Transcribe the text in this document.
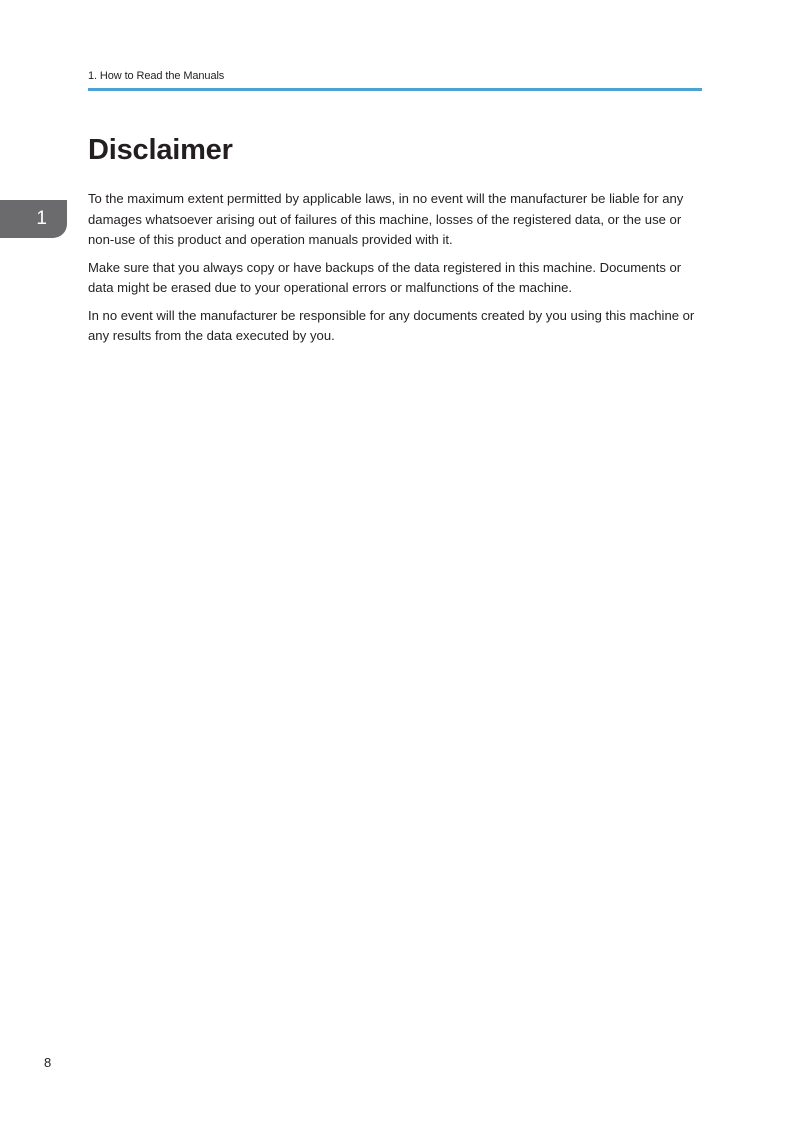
1. How to Read the Manuals
Disclaimer
1

To the maximum extent permitted by applicable laws, in no event will the manufacturer be liable for any damages whatsoever arising out of failures of this machine, losses of the registered data, or the use or non-use of this product and operation manuals provided with it.

Make sure that you always copy or have backups of the data registered in this machine. Documents or data might be erased due to your operational errors or malfunctions of the machine.

In no event will the manufacturer be responsible for any documents created by you using this machine or any results from the data executed by you.

8
